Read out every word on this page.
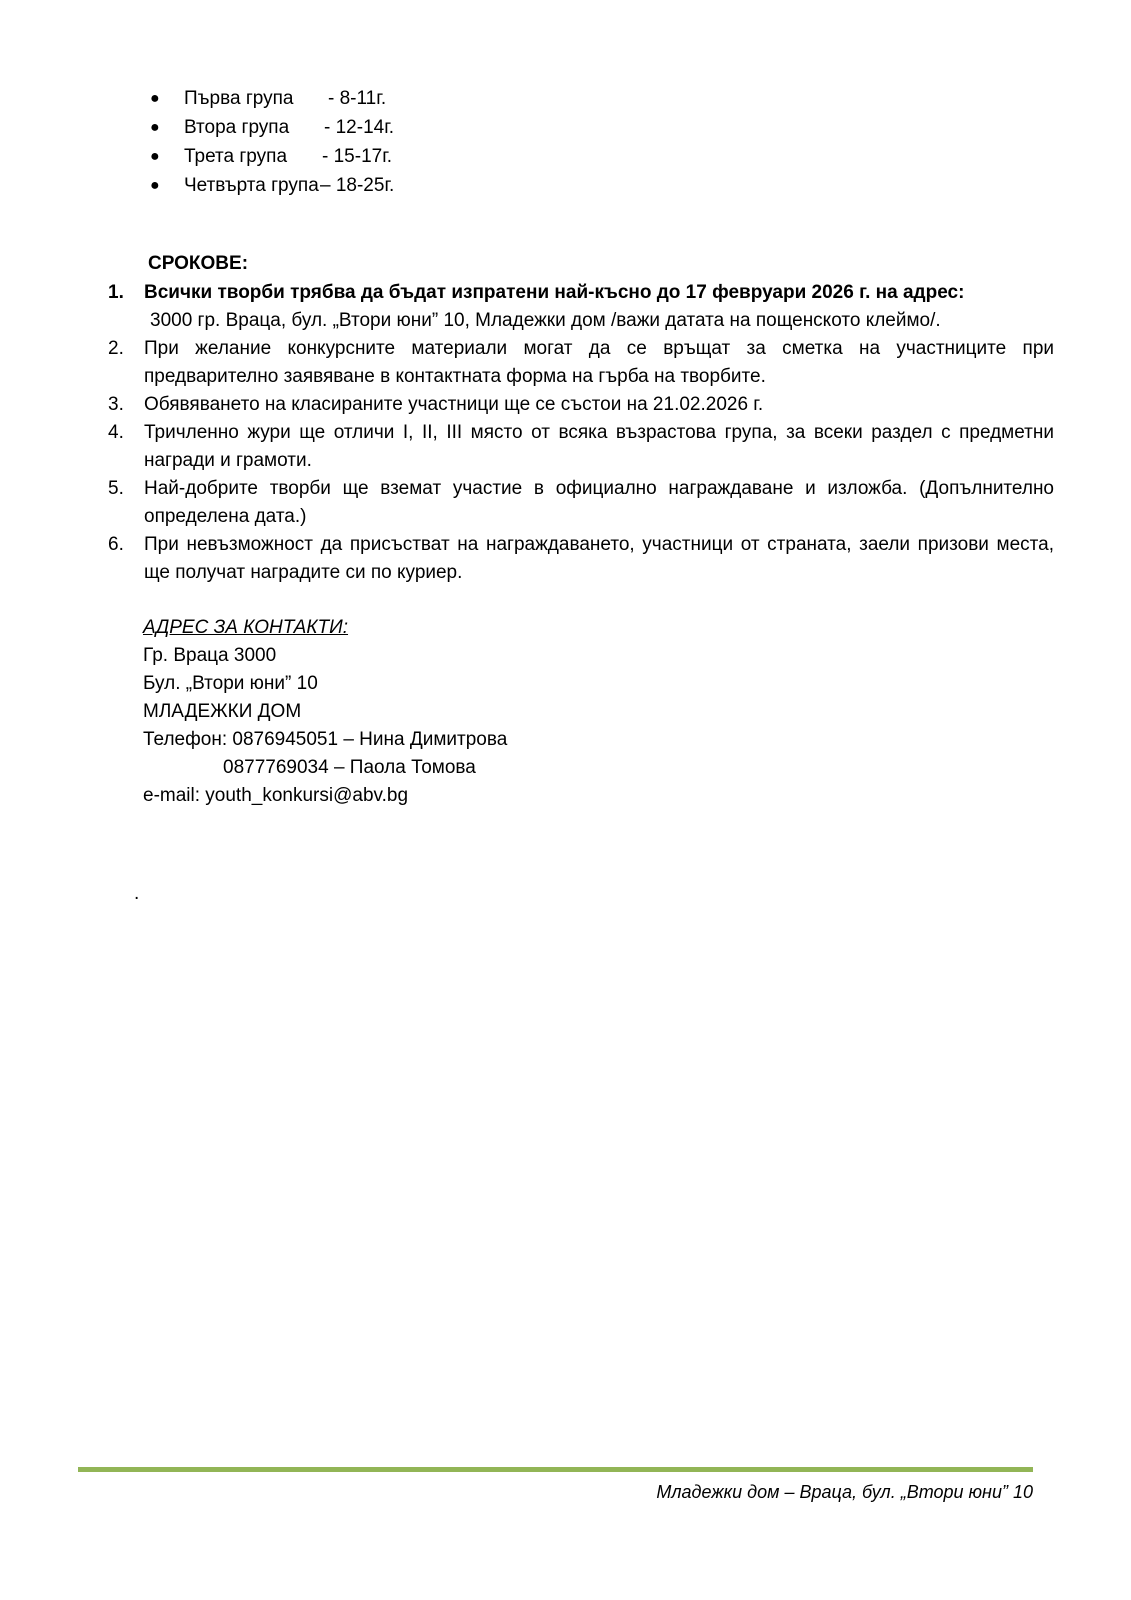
● Първа група - 8-11г.
● Втора група - 12-14г.
● Трета група - 15-17г.
● Четвърта група – 18-25г.
СРОКОВЕ:
1. Всички творби трябва да бъдат изпратени най-късно до 17 февруари 2026 г. на адрес:
3000 гр. Враца, бул. „Втори юни” 10, Младежки дом /важи датата на пощенското клеймо/.
2. При желание конкурсните материали могат да се връщат за сметка на участниците при предварително заявяване в контактната форма на гърба на творбите.
3. Обявяването на класираните участници ще се състои на 21.02.2026 г.
4. Тричленно жури ще отличи I, II, III място от всяка възрастова група, за всеки раздел с предметни награди и грамоти.
5. Най-добрите творби ще вземат участие в официално награждаване и изложба. (Допълнително определена дата.)
6. При невъзможност да присъстват на награждаването, участници от страната, заели призови места, ще получат наградите си по куриер.
АДРЕС ЗА КОНТАКТИ:
Гр. Враца 3000
Бул. „Втори юни” 10
МЛАДЕЖКИ ДОМ
Телефон: 0876945051 – Нина Димитрова
0877769034 – Паола Томова
e-mail: youth_konkursi@abv.bg
.
Младежки дом – Враца, бул. „Втори юни” 10
